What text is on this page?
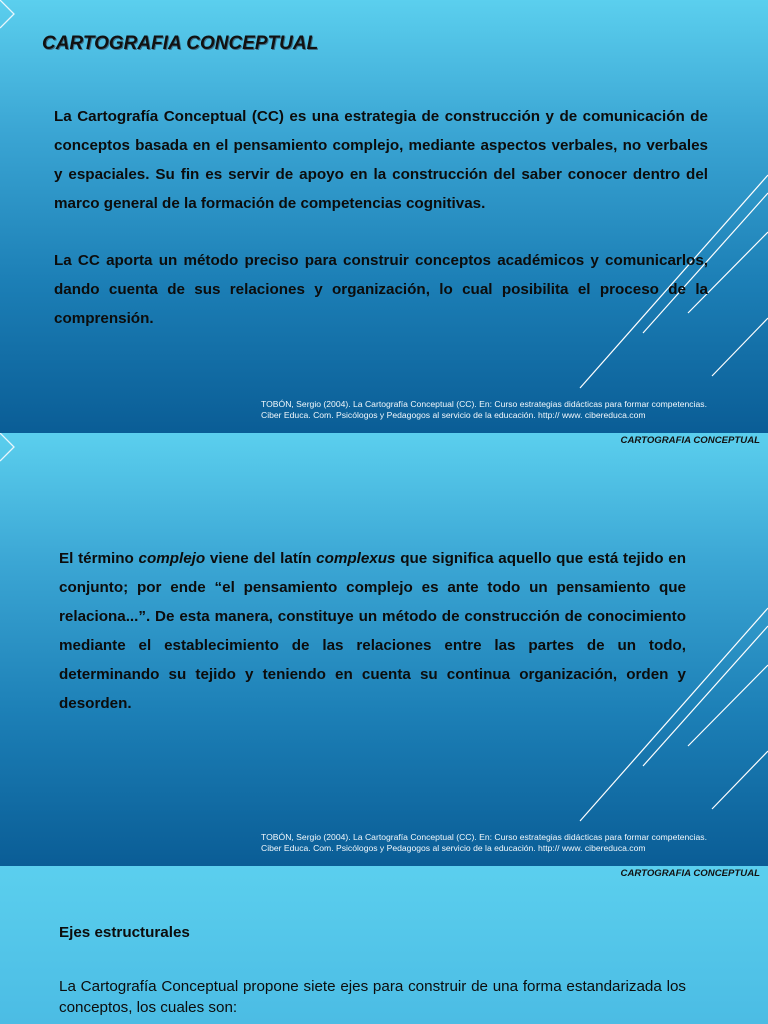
CARTOGRAFIA CONCEPTUAL

La Cartografía Conceptual (CC) es una estrategia de construcción y de comunicación de conceptos basada en el pensamiento complejo, mediante aspectos verbales, no verbales y espaciales. Su fin es servir de apoyo en la construcción del saber conocer dentro del marco general de la formación de competencias cognitivas.

La CC aporta un método preciso para construir conceptos académicos y comunicarlos, dando cuenta de sus relaciones y organización, lo cual posibilita el proceso de la comprensión.

TOBÓN, Sergio (2004). La Cartografía Conceptual (CC). En: Curso estrategias didácticas para formar competencias.
Ciber Educa. Com. Psicólogos y Pedagogos al servicio de la educación. http:// www. cibereduca.com

CARTOGRAFIA CONCEPTUAL

El término complejo viene del latín complexus que significa aquello que está tejido en conjunto; por ende “el pensamiento complejo es ante todo un pensamiento que relaciona...”. De esta manera, constituye un método de construcción de conocimiento mediante el establecimiento de las relaciones entre las partes de un todo, determinando su tejido y teniendo en cuenta su continua organización, orden y desorden.

TOBÓN, Sergio (2004). La Cartografía Conceptual (CC). En: Curso estrategias didácticas para formar competencias.
Ciber Educa. Com. Psicólogos y Pedagogos al servicio de la educación. http:// www. cibereduca.com

CARTOGRAFIA CONCEPTUAL

Ejes estructurales

La Cartografía Conceptual propone siete ejes para construir de una forma estandarizada los conceptos, los cuales son:
